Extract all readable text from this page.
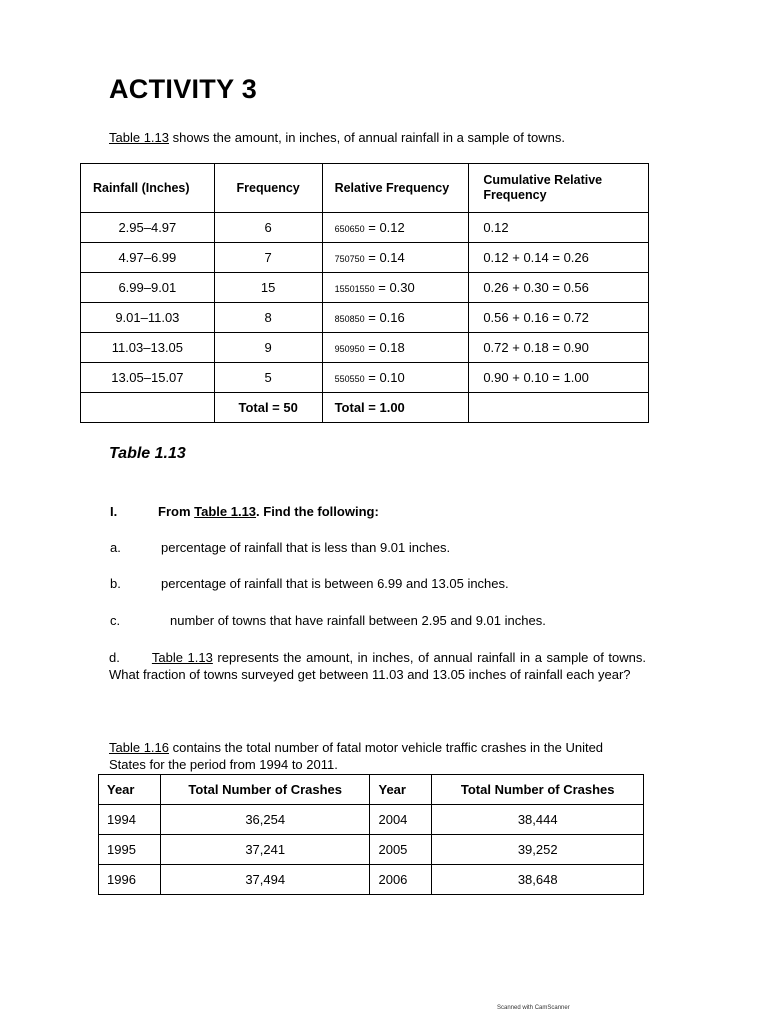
ACTIVITY 3
Table 1.13 shows the amount, in inches, of annual rainfall in a sample of towns.
Rainfall (Inches)	Frequency	Relative Frequency	Cumulative Relative Frequency
2.95–4.97	6	650650 = 0.12	0.12
4.97–6.99	7	750750 = 0.14	0.12 + 0.14 = 0.26
6.99–9.01	15	15501550 = 0.30	0.26 + 0.30 = 0.56
9.01–11.03	8	850850 = 0.16	0.56 + 0.16 = 0.72
11.03–13.05	9	950950 = 0.18	0.72 + 0.18 = 0.90
13.05–15.07	5	550550 = 0.10	0.90 + 0.10 = 1.00
	Total = 50	Total = 1.00	
Table 1.13
I.	From Table 1.13. Find the following:
a.	percentage of rainfall that is less than 9.01 inches.
b.	percentage of rainfall that is between 6.99 and 13.05 inches.
c.	number of towns that have rainfall between 2.95 and 9.01 inches.
d. Table 1.13 represents the amount, in inches, of annual rainfall in a sample of towns. What fraction of towns surveyed get between 11.03 and 13.05 inches of rainfall each year?
Table 1.16 contains the total number of fatal motor vehicle traffic crashes in the United States for the period from 1994 to 2011.
Year	Total Number of Crashes	Year	Total Number of Crashes
1994	36,254	2004	38,444
1995	37,241	2005	39,252
1996	37,494	2006	38,648
Scanned with CamScanner
